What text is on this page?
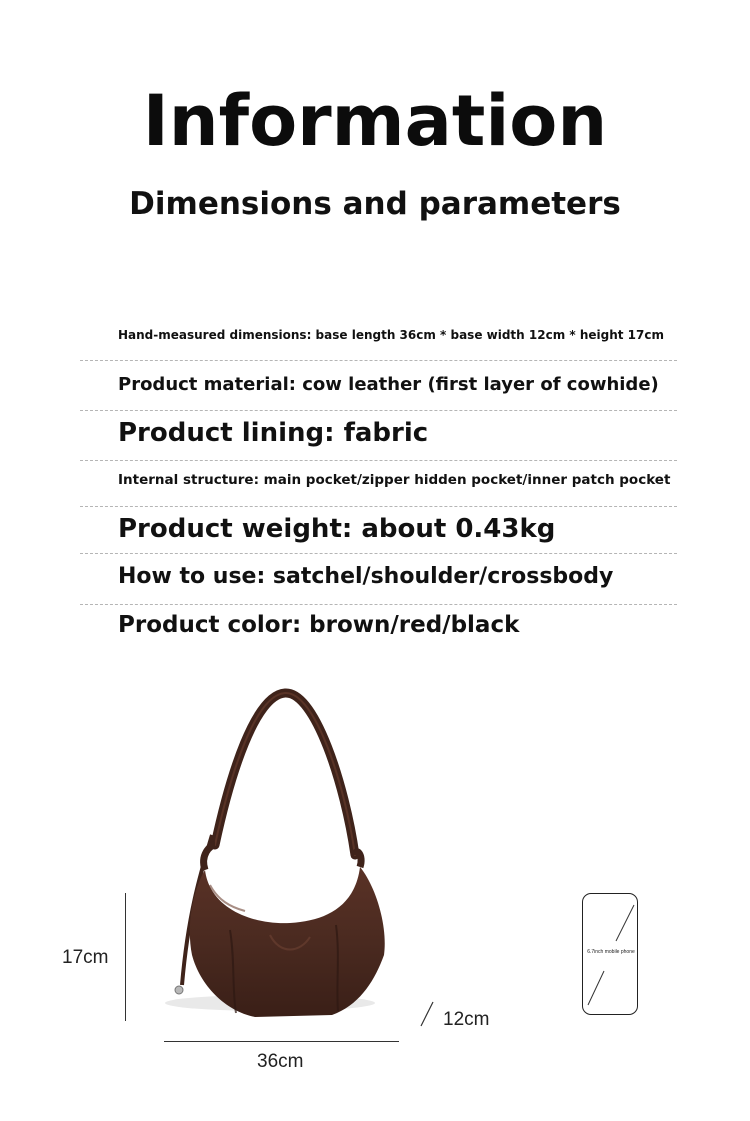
Information
Dimensions and parameters
Hand-measured dimensions: base length 36cm * base width 12cm * height 17cm
Product material: cow leather (first layer of cowhide)
Product lining: fabric
Internal structure: main pocket/zipper hidden pocket/inner patch pocket
Product weight: about 0.43kg
How to use: satchel/shoulder/crossbody
Product color: brown/red/black
17cm
36cm
12cm
6.7inch mobile phone
